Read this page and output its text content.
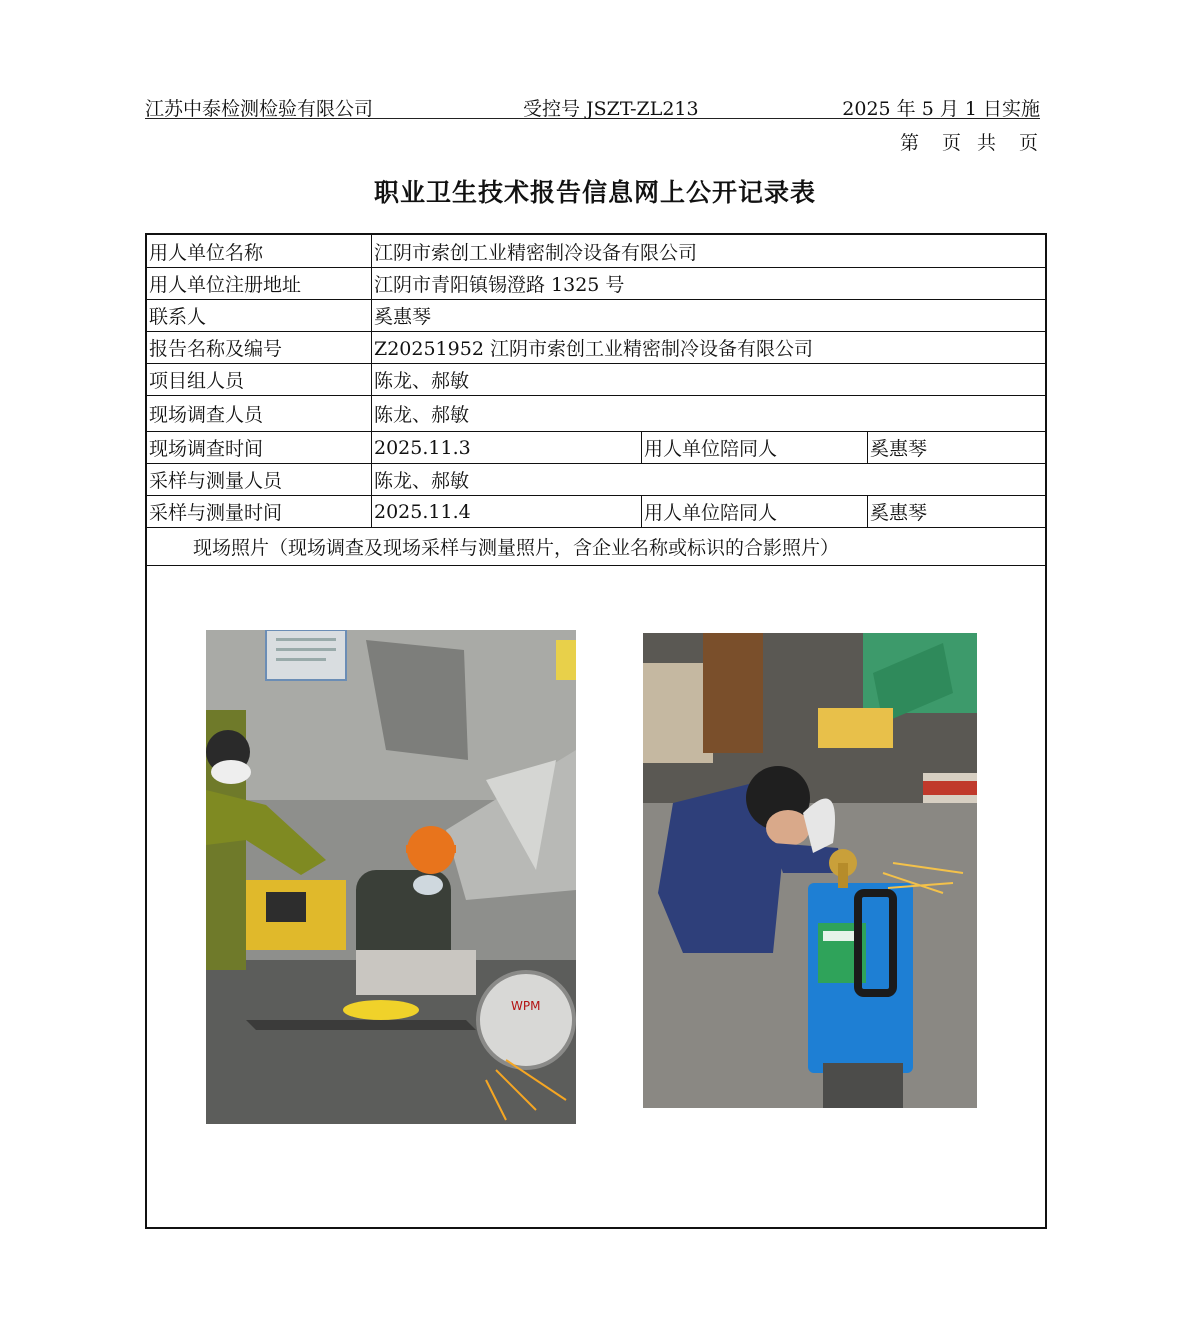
江苏中泰检测检验有限公司	受控号 JSZT-ZL213	2025 年 5 月 1 日实施
第　页 共　页
职业卫生技术报告信息网上公开记录表
用人单位名称	江阴市索创工业精密制冷设备有限公司
用人单位注册地址	江阴市青阳镇锡澄路 1325 号
联系人	奚惠琴
报告名称及编号	Z20251952 江阴市索创工业精密制冷设备有限公司
项目组人员	陈龙、郝敏
现场调查人员	陈龙、郝敏
现场调查时间	2025.11.3	用人单位陪同人	奚惠琴
采样与测量人员	陈龙、郝敏
采样与测量时间	2025.11.4	用人单位陪同人	奚惠琴
现场照片（现场调查及现场采样与测量照片，含企业名称或标识的合影照片）
WPM
